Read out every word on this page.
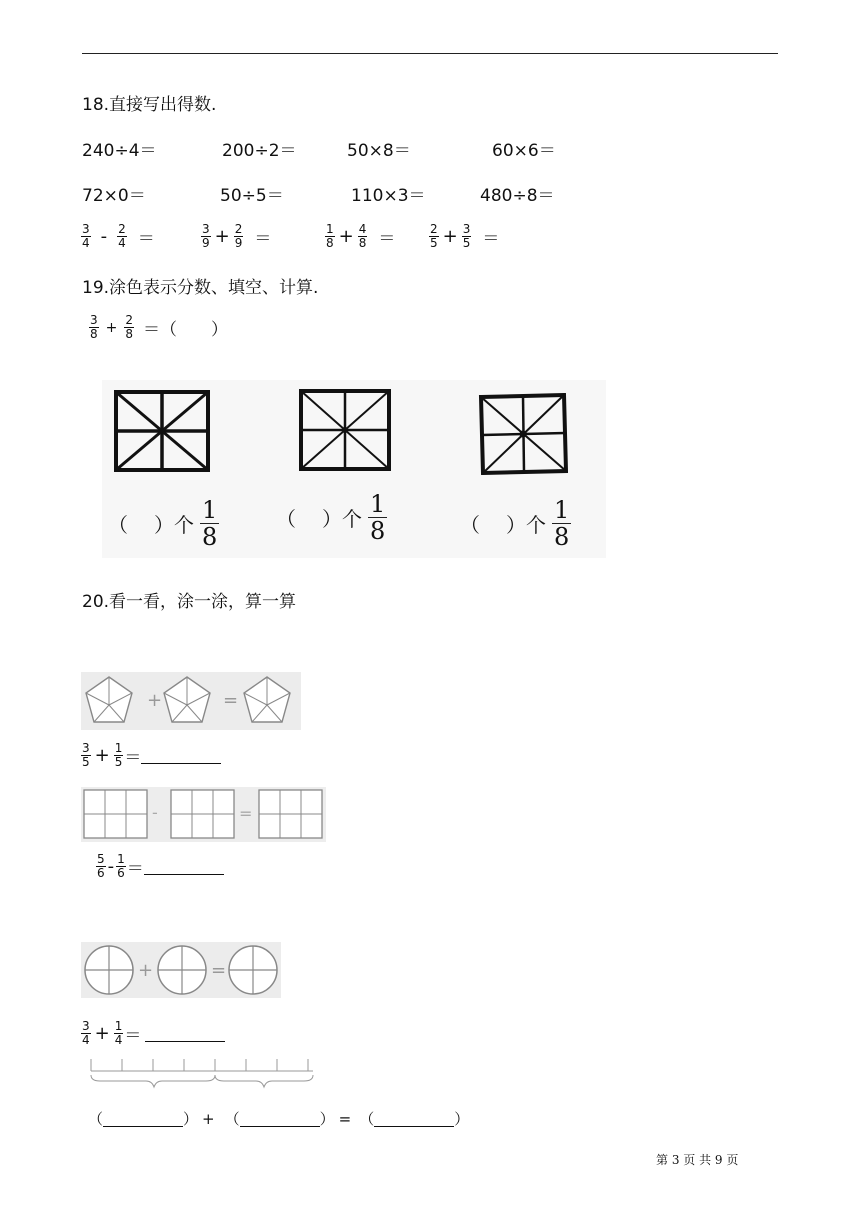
18.直接写出得数.
240÷4＝	200÷2＝	50×8＝	60×6＝
72×0＝	50÷5＝	110×3＝	480÷8＝
$\frac{3}{4} - \frac{2}{4}$ ＝	$\frac{3}{9} + \frac{2}{9}$ ＝	$\frac{1}{8} + \frac{4}{8}$ ＝	$\frac{2}{5} + \frac{3}{5}$ ＝
19.涂色表示分数、填空、计算.
$\frac{3}{8} + \frac{2}{8}$ ＝（　　）
（ ）个 $\frac{1}{8}$	（ ）个 $\frac{1}{8}$	（ ）个 $\frac{1}{8}$
20.看一看，涂一涂，算一算
+	=
$\frac{3}{5} + \frac{1}{5}$ ＝
-	=
$\frac{5}{6} - \frac{1}{6}$ ＝
+	=
$\frac{3}{4} + \frac{1}{4}$ ＝
（	） + （	） = （	）
第 3 页 共 9 页
